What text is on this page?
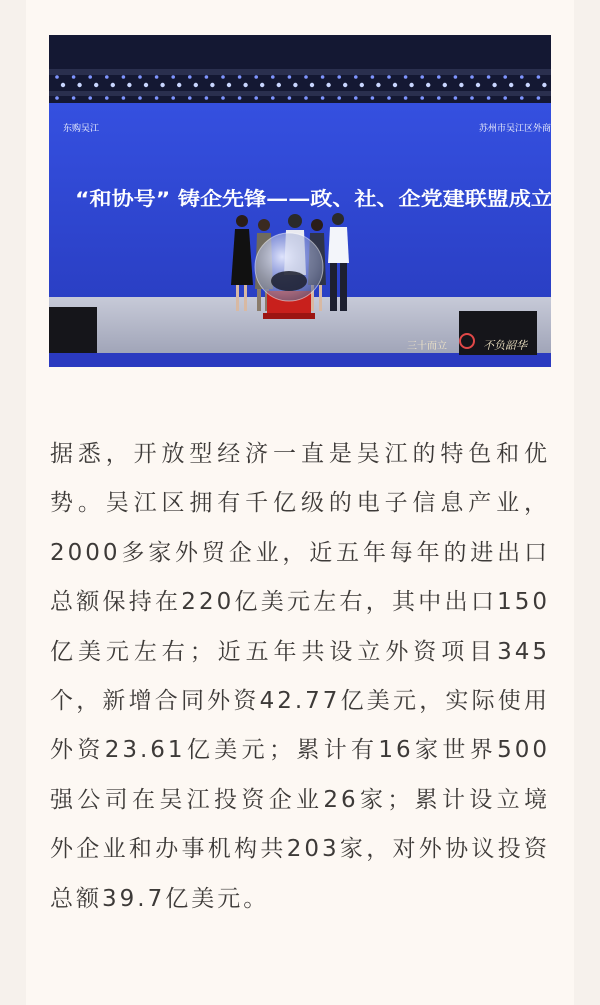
东购吴江	苏州市吴江区外商
“和协号” 铸企先锋——政、社、企党建联盟成立
三十而立	不负韶华

据悉，开放型经济一直是吴江的特色和优势。吴江区拥有千亿级的电子信息产业，2000多家外贸企业，近五年每年的进出口总额保持在220亿美元左右，其中出口150亿美元左右；近五年共设立外资项目345个，新增合同外资42.77亿美元，实际使用外资23.61亿美元；累计有16家世界500强公司在吴江投资企业26家；累计设立境外企业和办事机构共203家，对外协议投资总额39.7亿美元。
